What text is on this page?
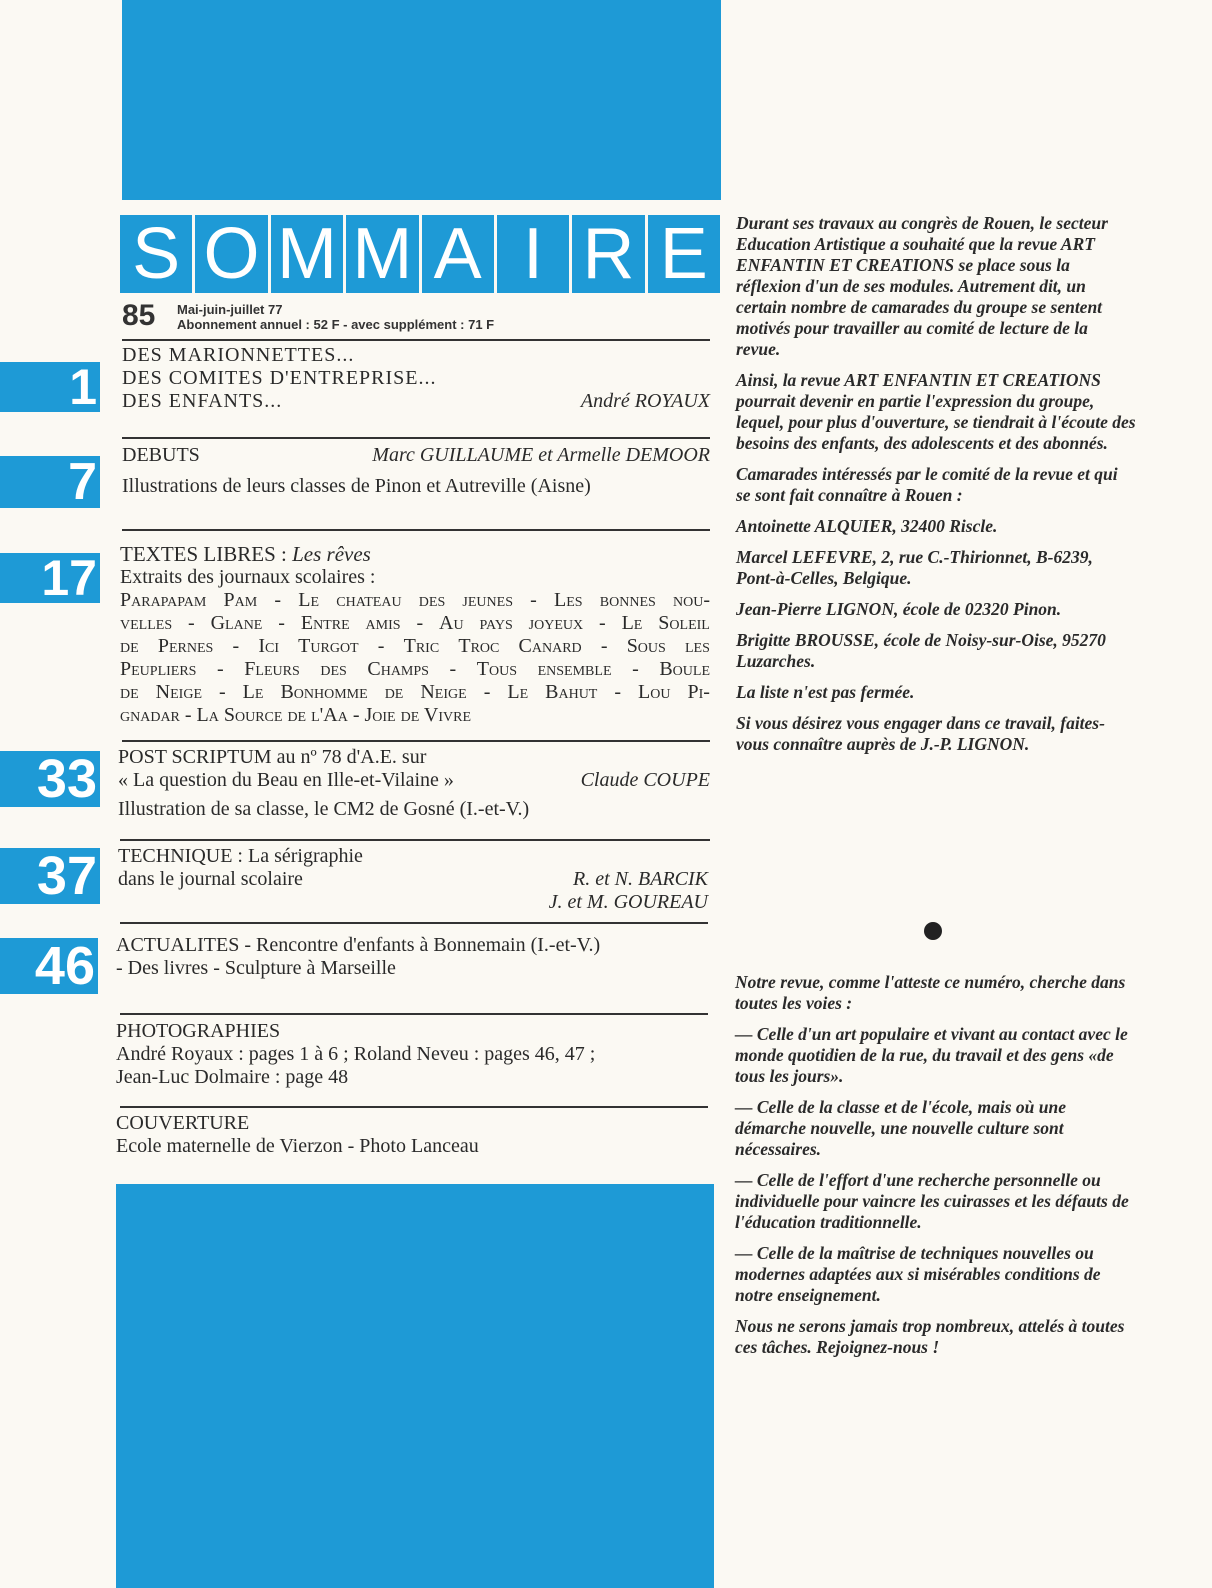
S O M M A I R E
85 Mai-juin-juillet 77
Abonnement annuel : 52 F - avec supplément : 71 F
1
DES MARIONNETTES...
DES COMITES D'ENTREPRISE...
DES ENFANTS...	André ROYAUX
7 DEBUTS	Marc GUILLAUME et Armelle DEMOOR
Illustrations de leurs classes de Pinon et Autreville (Aisne)
17 TEXTES LIBRES : Les rêves
Extraits des journaux scolaires :
Parapapam Pam - Le chateau des jeunes - Les bonnes nou-
velles - Glane - Entre amis - Au pays joyeux - Le Soleil
de Pernes - Ici Turgot - Tric Troc Canard - Sous les
Peupliers - Fleurs des Champs - Tous ensemble - Boule
de Neige - Le Bonhomme de Neige - Le Bahut - Lou Pi-
gnadar - La Source de l'Aa - Joie de Vivre
33 POST SCRIPTUM au nº 78 d'A.E. sur
« La question du Beau en Ille-et-Vilaine »	Claude COUPE
Illustration de sa classe, le CM2 de Gosné (I.-et-V.)
37 TECHNIQUE : La sérigraphie
dans le journal scolaire	R. et N. BARCIK
J. et M. GOUREAU
46 ACTUALITES - Rencontre d'enfants à Bonnemain (I.-et-V.)
- Des livres - Sculpture à Marseille
PHOTOGRAPHIES
André Royaux : pages 1 à 6 ; Roland Neveu : pages 46, 47 ;
Jean-Luc Dolmaire : page 48
COUVERTURE
Ecole maternelle de Vierzon - Photo Lanceau

Durant ses travaux au congrès de Rouen, le secteur Education Artistique a souhaité que la revue ART ENFANTIN ET CREATIONS se place sous la réflexion d'un de ses modules. Autrement dit, un certain nombre de camarades du groupe se sentent motivés pour travailler au comité de lecture de la revue.

Ainsi, la revue ART ENFANTIN ET CREATIONS pourrait devenir en partie l'expression du groupe, lequel, pour plus d'ouverture, se tiendrait à l'écoute des besoins des enfants, des adolescents et des abonnés.

Camarades intéressés par le comité de la revue et qui se sont fait connaître à Rouen :

Antoinette ALQUIER, 32400 Riscle.

Marcel LEFEVRE, 2, rue C.-Thirionnet, B-6239, Pont-à-Celles, Belgique.

Jean-Pierre LIGNON, école de 02320 Pinon.

Brigitte BROUSSE, école de Noisy-sur-Oise, 95270 Luzarches.

La liste n'est pas fermée.

Si vous désirez vous engager dans ce travail, faites-vous connaître auprès de J.-P. LIGNON.

Notre revue, comme l'atteste ce numéro, cherche dans toutes les voies :

— Celle d'un art populaire et vivant au contact avec le monde quotidien de la rue, du travail et des gens «de tous les jours».

— Celle de la classe et de l'école, mais où une démarche nouvelle, une nouvelle culture sont nécessaires.

— Celle de l'effort d'une recherche personnelle ou individuelle pour vaincre les cuirasses et les défauts de l'éducation traditionnelle.

— Celle de la maîtrise de techniques nouvelles ou modernes adaptées aux si misérables conditions de notre enseignement.

Nous ne serons jamais trop nombreux, attelés à toutes ces tâches. Rejoignez-nous !
